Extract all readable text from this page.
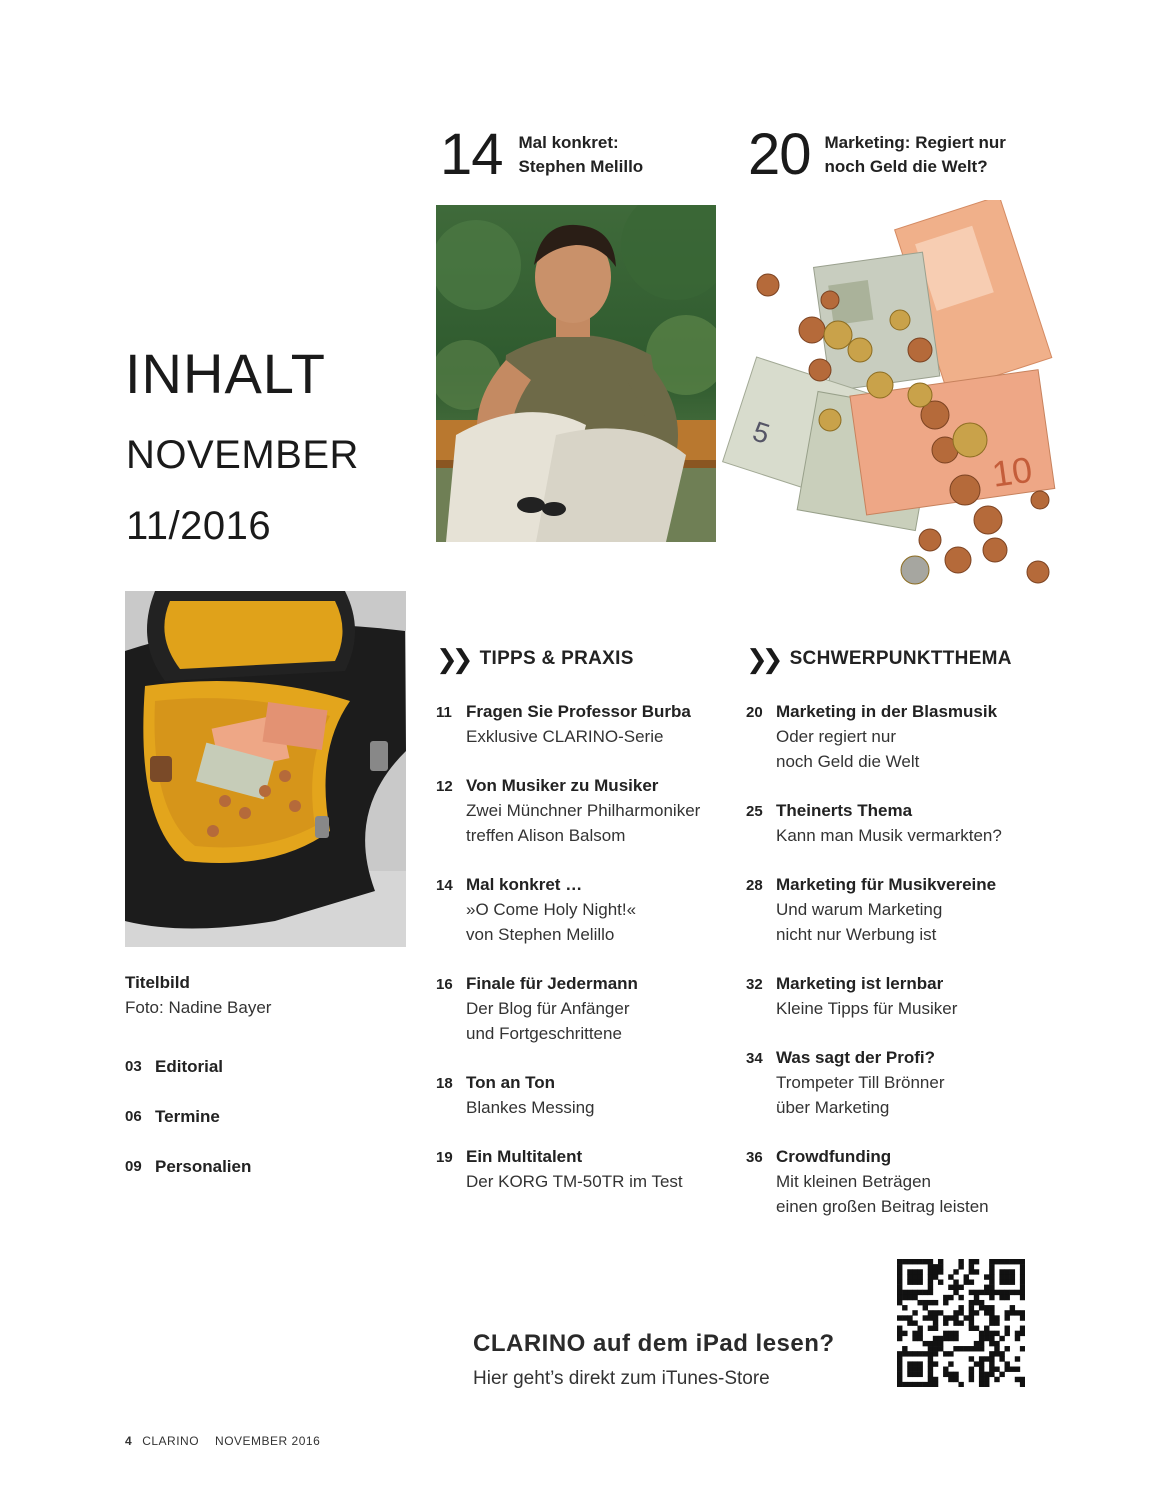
14 Mal konkret:
Stephen Melillo	20 Marketing: Regiert nur
noch Geld die Welt?
5
10
INHALT
NOVEMBER
11/2016
Titelbild
Foto: Nadine Bayer
03 Editorial
06 Termine
09 Personalien
❯❯ TIPPS & PRAXIS
11 Fragen Sie Professor Burba
Exklusive CLARINO-Serie
12 Von Musiker zu Musiker
Zwei Münchner Philharmoniker
treffen Alison Balsom
14 Mal konkret …
»O Come Holy Night!«
von Stephen Melillo
16 Finale für Jedermann
Der Blog für Anfänger
und Fortgeschrittene
18 Ton an Ton
Blankes Messing
19 Ein Multitalent
Der KORG TM-50TR im Test
❯❯ SCHWERPUNKTTHEMA
20 Marketing in der Blasmusik
Oder regiert nur
noch Geld die Welt
25 Theinerts Thema
Kann man Musik vermarkten?
28 Marketing für Musikvereine
Und warum Marketing
nicht nur Werbung ist
32 Marketing ist lernbar
Kleine Tipps für Musiker
34 Was sagt der Profi?
Trompeter Till Brönner
über Marketing
36 Crowdfunding
Mit kleinen Beträgen
einen großen Beitrag leisten
CLARINO auf dem iPad lesen?
Hier geht’s direkt zum iTunes-Store
4 CLARINO NOVEMBER 2016
